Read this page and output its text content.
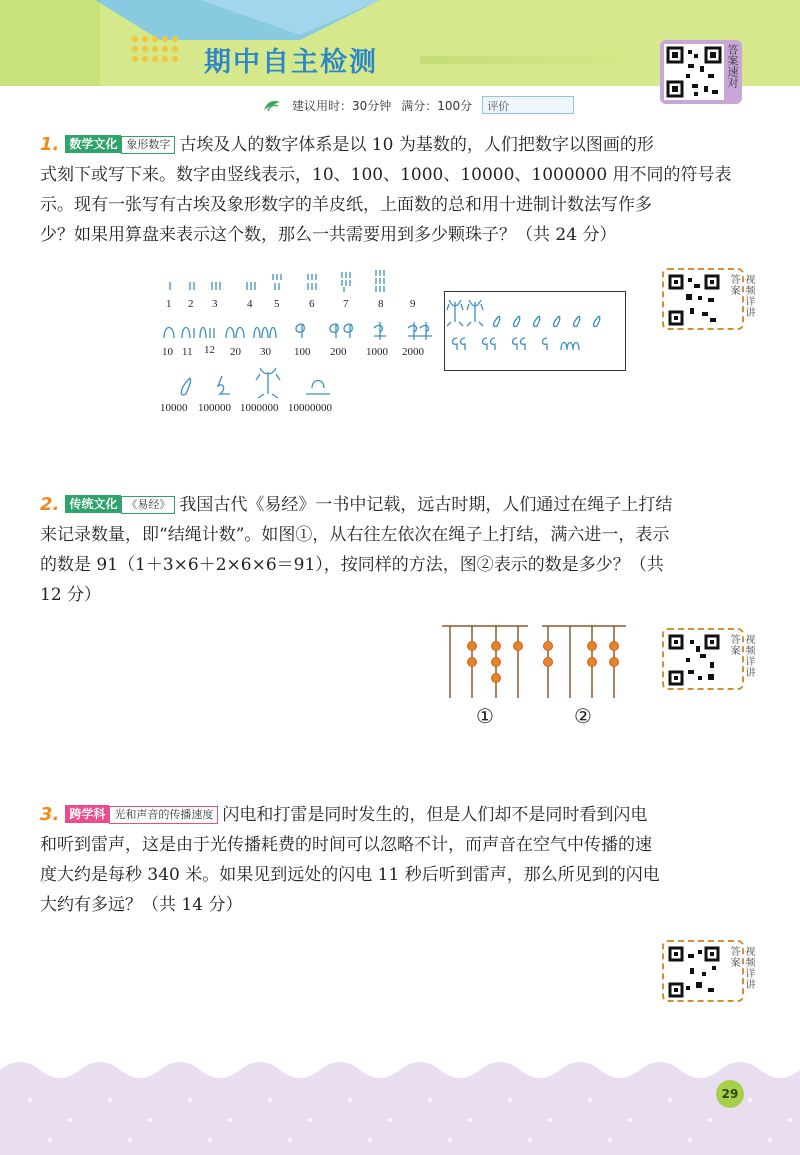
期中自主检测	答案速对
建议用时：30分钟 满分：100分	评价
1. 数学文化 象形数字 古埃及人的数字体系是以 10 为基数的，人们把数字以图画的形
式刻下或写下来。数字由竖线表示，10、100、1000、10000、1000000 用不同的符号表
示。现有一张写有古埃及象形数字的羊皮纸，上面数的总和用十进制计数法写作多
少？如果用算盘来表示这个数，那么一共需要用到多少颗珠子？（共 24 分）
1 2 3	4 5	6	7	8 9
10 11 12 20 30 100 200 1000 2000
10000 100000 1000000 10000000
视频详讲答案
2. 传统文化 《易经》 我国古代《易经》一书中记载，远古时期，人们通过在绳子上打结
来记录数量，即“结绳计数”。如图①，从右往左依次在绳子上打结，满六进一，表示
的数是 91（1＋3×6＋2×6×6＝91），按同样的方法，图②表示的数是多少？（共
12 分）
①	②
视频详讲答案
3. 跨学科 光和声音的传播速度 闪电和打雷是同时发生的，但是人们却不是同时看到闪电
和听到雷声，这是由于光传播耗费的时间可以忽略不计，而声音在空气中传播的速
度大约是每秒 340 米。如果见到远处的闪电 11 秒后听到雷声，那么所见到的闪电
大约有多远？（共 14 分）
视频详讲答案
29
